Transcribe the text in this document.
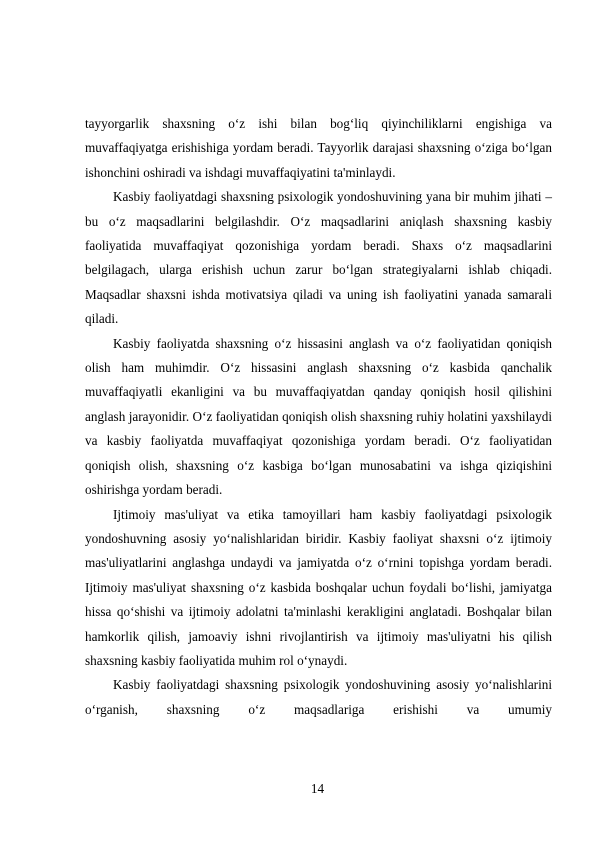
tayyorgarlik shaxsning o‘z ishi bilan bog‘liq qiyinchiliklarni engishiga va muvaffaqiyatga erishishiga yordam beradi. Tayyorlik darajasi shaxsning o‘ziga bo‘lgan ishonchini oshiradi va ishdagi muvaffaqiyatini ta'minlaydi.

Kasbiy faoliyatdagi shaxsning psixologik yondoshuvining yana bir muhim jihati – bu o‘z maqsadlarini belgilashdir. O‘z maqsadlarini aniqlash shaxsning kasbiy faoliyatida muvaffaqiyat qozonishiga yordam beradi. Shaxs o‘z maqsadlarini belgilagach, ularga erishish uchun zarur bo‘lgan strategiyalarni ishlab chiqadi. Maqsadlar shaxsni ishda motivatsiya qiladi va uning ish faoliyatini yanada samarali qiladi.

Kasbiy faoliyatda shaxsning o‘z hissasini anglash va o‘z faoliyatidan qoniqish olish ham muhimdir. O‘z hissasini anglash shaxsning o‘z kasbida qanchalik muvaffaqiyatli ekanligini va bu muvaffaqiyatdan qanday qoniqish hosil qilishini anglash jarayonidir. O‘z faoliyatidan qoniqish olish shaxsning ruhiy holatini yaxshilaydi va kasbiy faoliyatda muvaffaqiyat qozonishiga yordam beradi. O‘z faoliyatidan qoniqish olish, shaxsning o‘z kasbiga bo‘lgan munosabatini va ishga qiziqishini oshirishga yordam beradi.

Ijtimoiy mas'uliyat va etika tamoyillari ham kasbiy faoliyatdagi psixologik yondoshuvning asosiy yo‘nalishlaridan biridir. Kasbiy faoliyat shaxsni o‘z ijtimoiy mas'uliyatlarini anglashga undaydi va jamiyatda o‘z o‘rnini topishga yordam beradi. Ijtimoiy mas'uliyat shaxsning o‘z kasbida boshqalar uchun foydali bo‘lishi, jamiyatga hissa qo‘shishi va ijtimoiy adolatni ta'minlashi kerakligini anglatadi. Boshqalar bilan hamkorlik qilish, jamoaviy ishni rivojlantirish va ijtimoiy mas'uliyatni his qilish shaxsning kasbiy faoliyatida muhim rol o‘ynaydi.

Kasbiy faoliyatdagi shaxsning psixologik yondoshuvining asosiy yo‘nalishlarini o‘rganish, shaxsning o‘z maqsadlariga erishishi va umumiy

14
